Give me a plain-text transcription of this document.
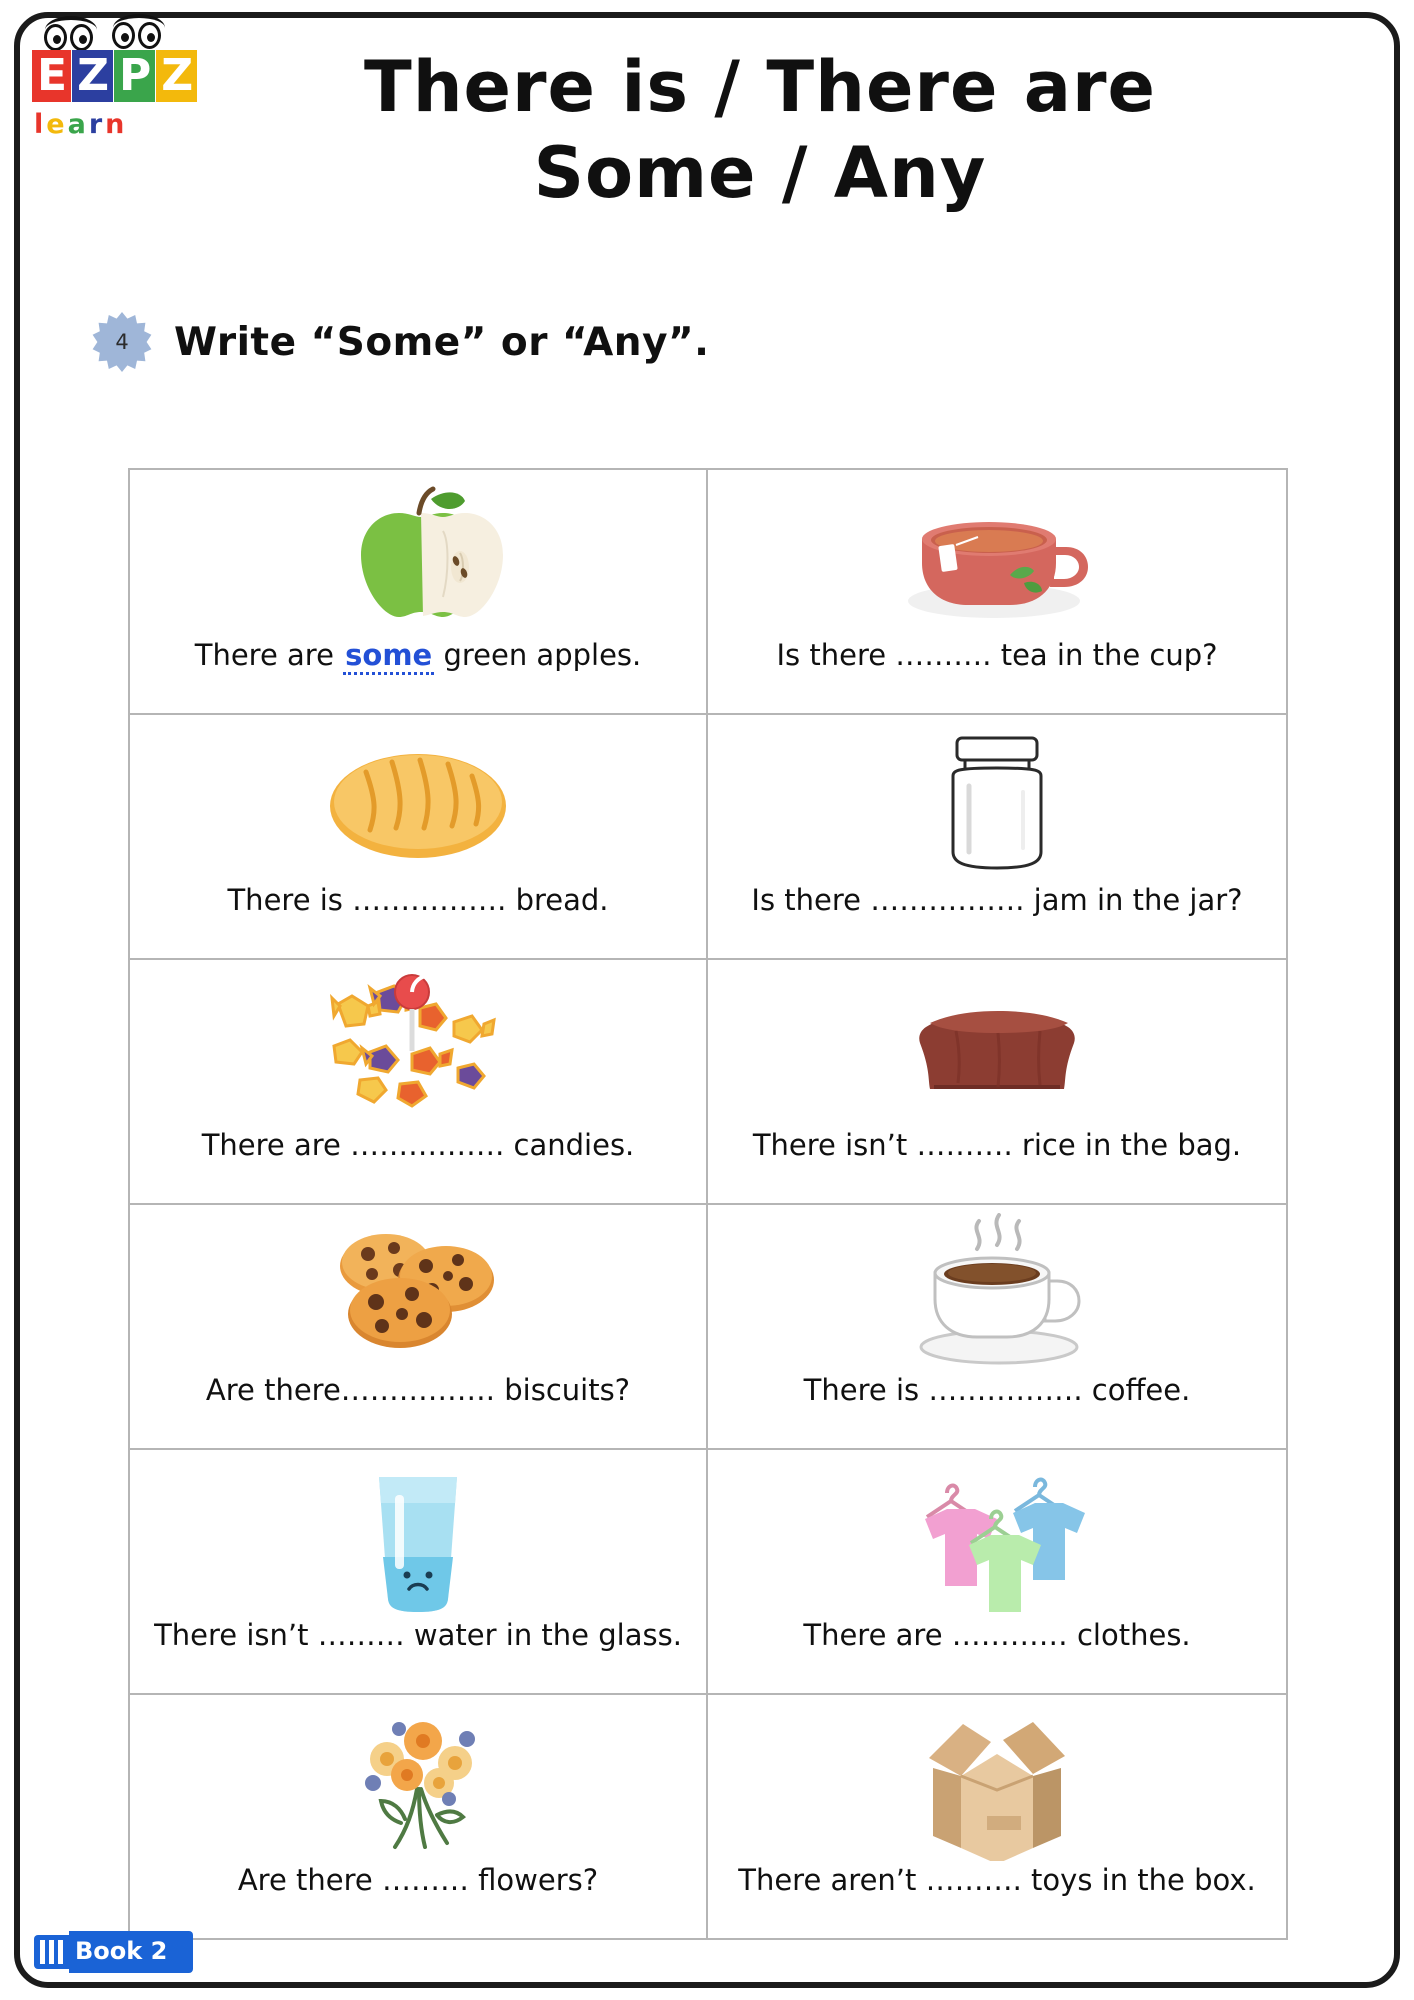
E Z P Z
l e a r n	There is / There are
Some / Any
4 Write “Some” or “Any”.
There are some green apples.	Is there ………. tea in the cup?
There is ……………. bread.	Is there ……………. jam in the jar?
There are ……………. candies.	There isn’t ………. rice in the bag.
Are there……………. biscuits?	There is ……………. coffee.
There isn’t ……… water in the glass.	There are ………… clothes.
Are there ……… flowers?	There aren’t ………. toys in the box.
Book 2
